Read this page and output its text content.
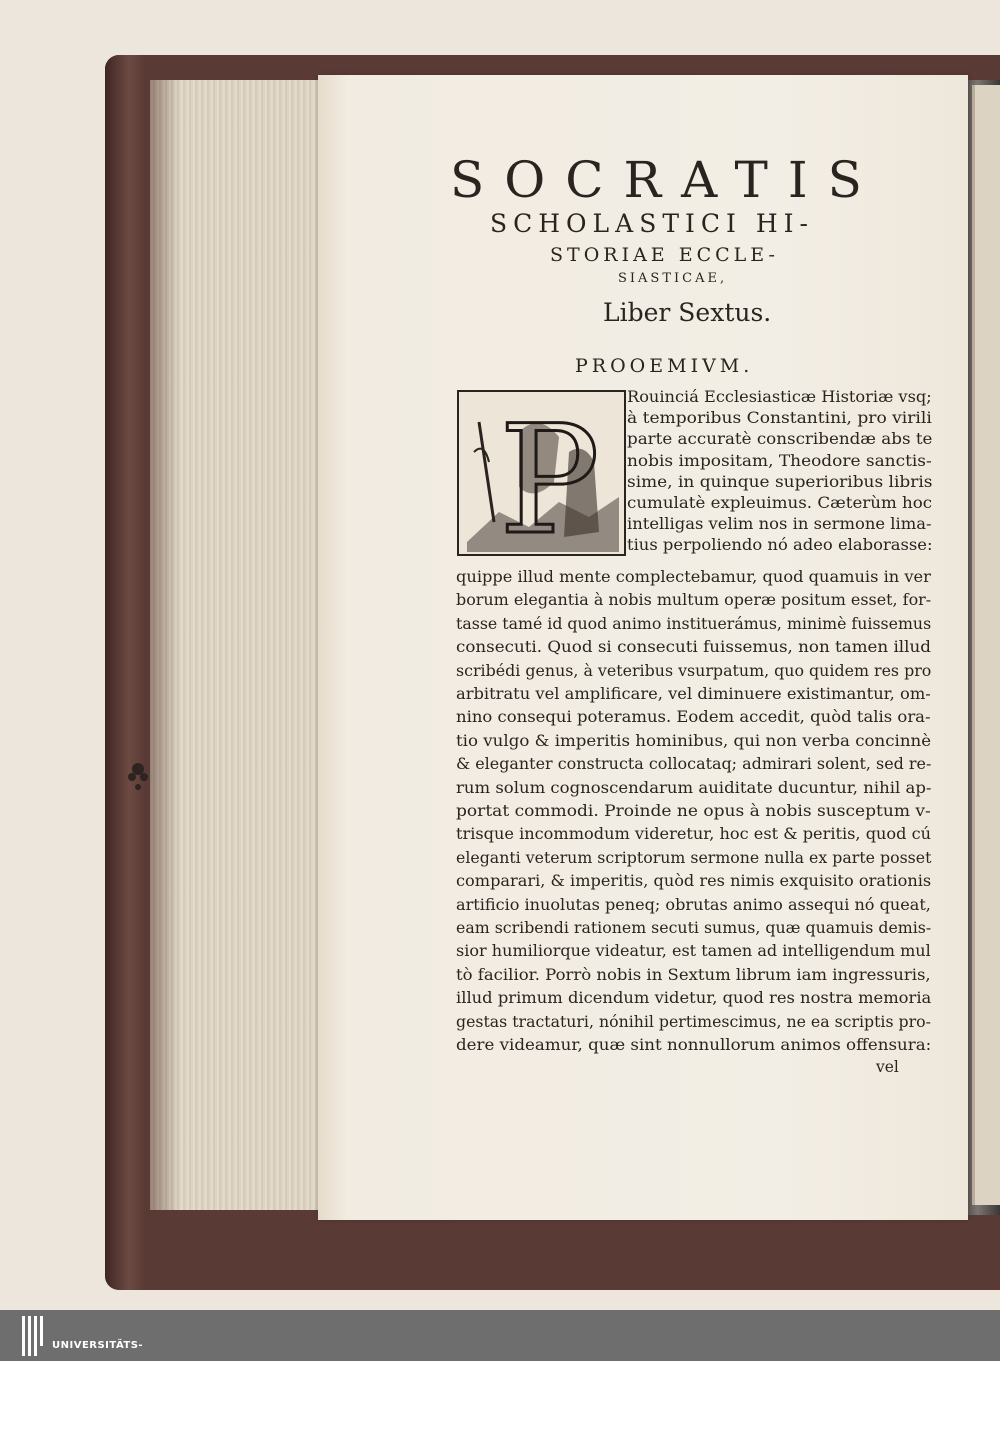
SOCRATIS
SCHOLASTICI HI-
STORIAE ECCLE-
SIASTICAE,
Liber Sextus.
PROOEMIVM.
P Rouinciá Ecclesiasticæ Historiæ vsq;
à temporibus Constantini, pro virili
parte accuratè conscribendæ abs te
nobis impositam, Theodore sanctis-
sime, in quinque superioribus libris
cumulatè expleuimus. Cæterùm hoc
intelligas velim nos in sermone lima-
tius perpoliendo nó adeo elaborasse:
quippe illud mente complectebamur, quod quamuis in ver
borum elegantia à nobis multum operæ positum esset, for-
tasse tamé id quod animo instituerámus, minimè fuissemus
consecuti. Quod si consecuti fuissemus, non tamen illud
scribédi genus, à veteribus vsurpatum, quo quidem res pro
arbitratu vel amplificare, vel diminuere existimantur, om-
nino consequi poteramus. Eodem accedit, quòd talis ora-
tio vulgo & imperitis hominibus, qui non verba concinnè
& eleganter constructa collocataq; admirari solent, sed re-
rum solum cognoscendarum auiditate ducuntur, nihil ap-
portat commodi. Proinde ne opus à nobis susceptum v-
trisque incommodum videretur, hoc est & peritis, quod cú
eleganti veterum scriptorum sermone nulla ex parte posset
comparari, & imperitis, quòd res nimis exquisito orationis
artificio inuolutas peneq; obrutas animo assequi nó queat,
eam scribendi rationem secuti sumus, quæ quamuis demis-
sior humiliorque videatur, est tamen ad intelligendum mul
tò facilior. Porrò nobis in Sextum librum iam ingressuris,
illud primum dicendum videtur, quod res nostra memoria
gestas tractaturi, nónihil pertimescimus, ne ea scriptis pro-
dere videamur, quæ sint nonnullorum animos offensura:
vel

UNIVERSITÄTS-

BIBLIOTHEK

PADERBORN
